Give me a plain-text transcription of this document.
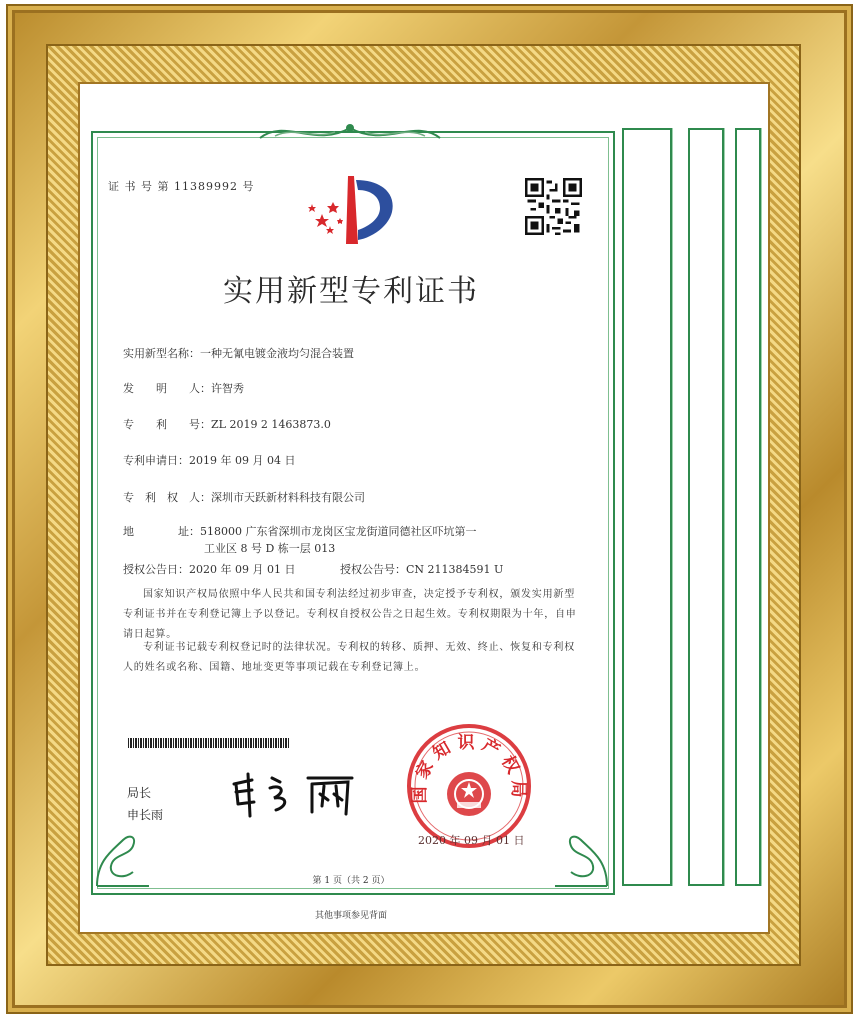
证 书 号 第 11389992 号
实用新型专利证书
实用新型名称：一种无氰电镀金液均匀混合装置
发　　明　　人：许智秀
专　　利　　号：ZL 2019 2 1463873.0
专利申请日：2019 年 09 月 04 日
专　利　权　人：深圳市天跃新材料科技有限公司
地　　　　址：518000 广东省深圳市龙岗区宝龙街道同德社区吓坑第一
工业区 8 号 D 栋一层 013
授权公告日：2020 年 09 月 01 日	授权公告号：CN 211384591 U
国家知识产权局依照中华人民共和国专利法经过初步审查，决定授予专利权，颁发实用新型专利证书并在专利登记簿上予以登记。专利权自授权公告之日起生效。专利权期限为十年，自申请日起算。
专利证书记载专利权登记时的法律状况。专利权的转移、质押、无效、终止、恢复和专利权人的姓名或名称、国籍、地址变更等事项记载在专利登记簿上。
局长
申长雨
国家知识产权局
2020 年 09 月 01 日
第 1 页（共 2 页）
其他事项参见背面
